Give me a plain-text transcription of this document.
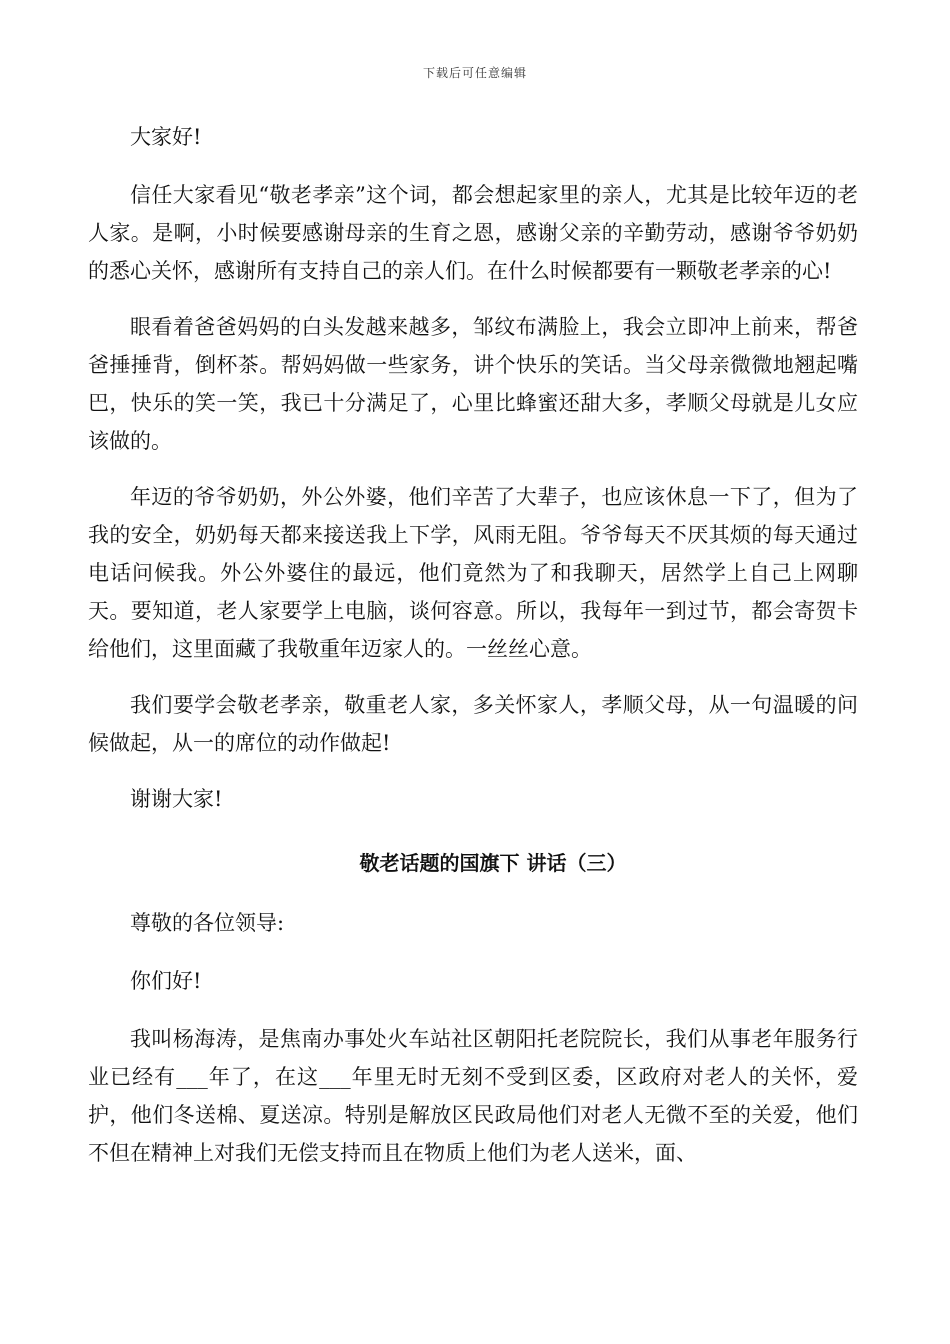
下载后可任意编辑

大家好!

信任大家看见“敬老孝亲”这个词，都会想起家里的亲人，尤其是比较年迈的老人家。是啊，小时候要感谢母亲的生育之恩，感谢父亲的辛勤劳动，感谢爷爷奶奶的悉心关怀，感谢所有支持自己的亲人们。在什么时候都要有一颗敬老孝亲的心!

眼看着爸爸妈妈的白头发越来越多，邹纹布满脸上，我会立即冲上前来，帮爸爸捶捶背，倒杯茶。帮妈妈做一些家务，讲个快乐的笑话。当父母亲微微地翘起嘴巴，快乐的笑一笑，我已十分满足了，心里比蜂蜜还甜大多，孝顺父母就是儿女应该做的。

年迈的爷爷奶奶，外公外婆，他们辛苦了大辈子，也应该休息一下了，但为了我的安全，奶奶每天都来接送我上下学，风雨无阻。爷爷每天不厌其烦的每天通过电话问候我。外公外婆住的最远，他们竟然为了和我聊天，居然学上自己上网聊天。要知道，老人家要学上电脑，谈何容意。所以，我每年一到过节，都会寄贺卡给他们，这里面藏了我敬重年迈家人的。一丝丝心意。

我们要学会敬老孝亲，敬重老人家，多关怀家人，孝顺父母，从一句温暖的问候做起，从一的席位的动作做起!

谢谢大家!

敬老话题的国旗下 讲话（三）

尊敬的各位领导:

你们好!

我叫杨海涛，是焦南办事处火车站社区朝阳托老院院长，我们从事老年服务行业已经有___年了，在这___年里无时无刻不受到区委，区政府对老人的关怀，爱护，他们冬送棉、夏送凉。特别是解放区民政局他们对老人无微不至的关爱，他们不但在精神上对我们无偿支持而且在物质上他们为老人送米，面、
